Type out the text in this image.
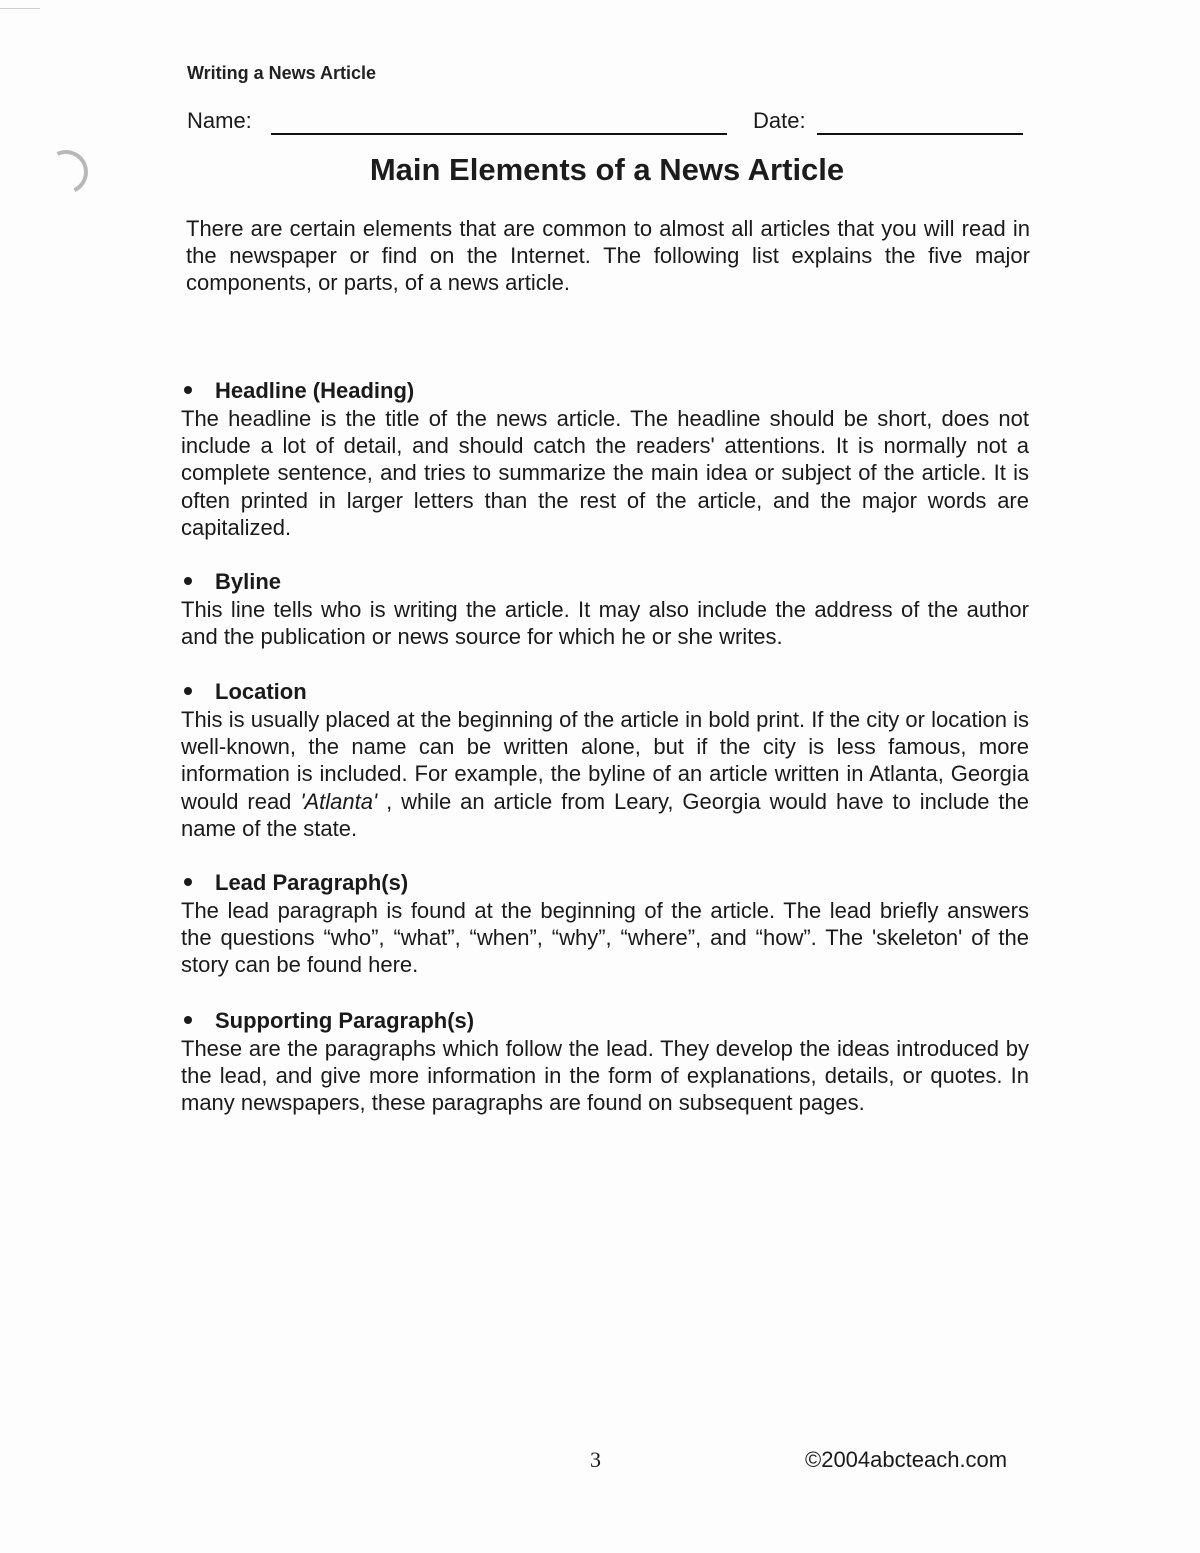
Writing a News Article
Name:	Date:
Main Elements of a News Article

There are certain elements that are common to almost all articles that you will read in the newspaper or find on the Internet. The following list explains the five major components, or parts, of a news article.

Headline (Heading)

The headline is the title of the news article. The headline should be short, does not include a lot of detail, and should catch the readers' attentions. It is normally not a complete sentence, and tries to summarize the main idea or subject of the article. It is often printed in larger letters than the rest of the article, and the major words are capitalized.

Byline

This line tells who is writing the article. It may also include the address of the author and the publication or news source for which he or she writes.

Location

This is usually placed at the beginning of the article in bold print. If the city or location is well-known, the name can be written alone, but if the city is less famous, more information is included. For example, the byline of an article written in Atlanta, Georgia would read 'Atlanta' , while an article from Leary, Georgia would have to include the name of the state.

Lead Paragraph(s)

The lead paragraph is found at the beginning of the article. The lead briefly answers the questions “who”, “what”, “when”, “why”, “where”, and “how”. The 'skeleton' of the story can be found here.

Supporting Paragraph(s)

These are the paragraphs which follow the lead. They develop the ideas introduced by the lead, and give more information in the form of explanations, details, or quotes. In many newspapers, these paragraphs are found on subsequent pages.

3	©2004abcteach.com
